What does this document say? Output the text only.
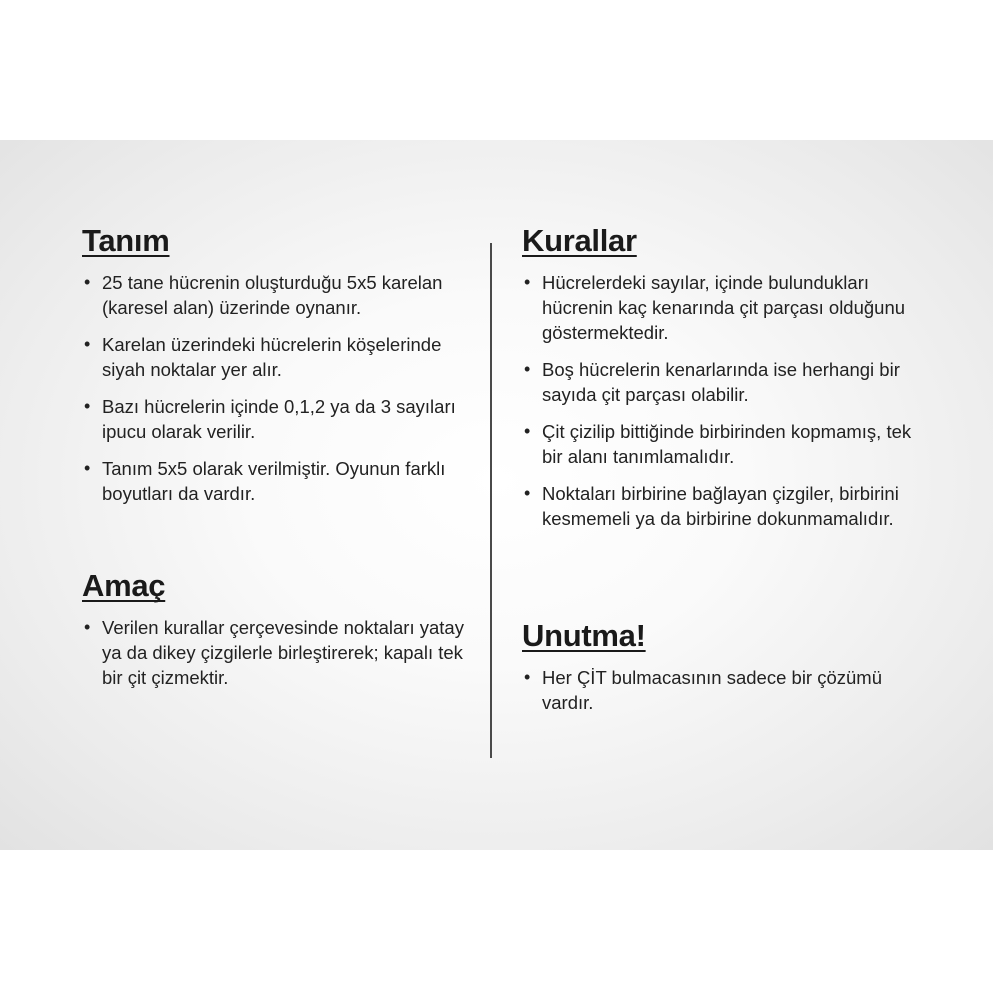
Tanım
• 25 tane hücrenin oluşturduğu 5x5 karelan (karesel alan) üzerinde oynanır.
• Karelan üzerindeki hücrelerin köşelerinde siyah noktalar yer alır.
• Bazı hücrelerin içinde 0,1,2 ya da 3 sayıları ipucu olarak verilir.
• Tanım 5x5 olarak verilmiştir. Oyunun farklı boyutları da vardır.
Amaç
• Verilen kurallar çerçevesinde noktaları yatay ya da dikey çizgilerle birleştirerek; kapalı tek bir çit çizmektir.
Kurallar
• Hücrelerdeki sayılar, içinde bulundukları hücrenin kaç kenarında çit parçası olduğunu göstermektedir.
• Boş hücrelerin kenarlarında ise herhangi bir sayıda çit parçası olabilir.
• Çit çizilip bittiğinde birbirinden kopmamış, tek bir alanı tanımlamalıdır.
• Noktaları birbirine bağlayan çizgiler, birbirini kesmemeli ya da birbirine dokunmamalıdır.
Unutma!
• Her ÇİT bulmacasının sadece bir çözümü vardır.
